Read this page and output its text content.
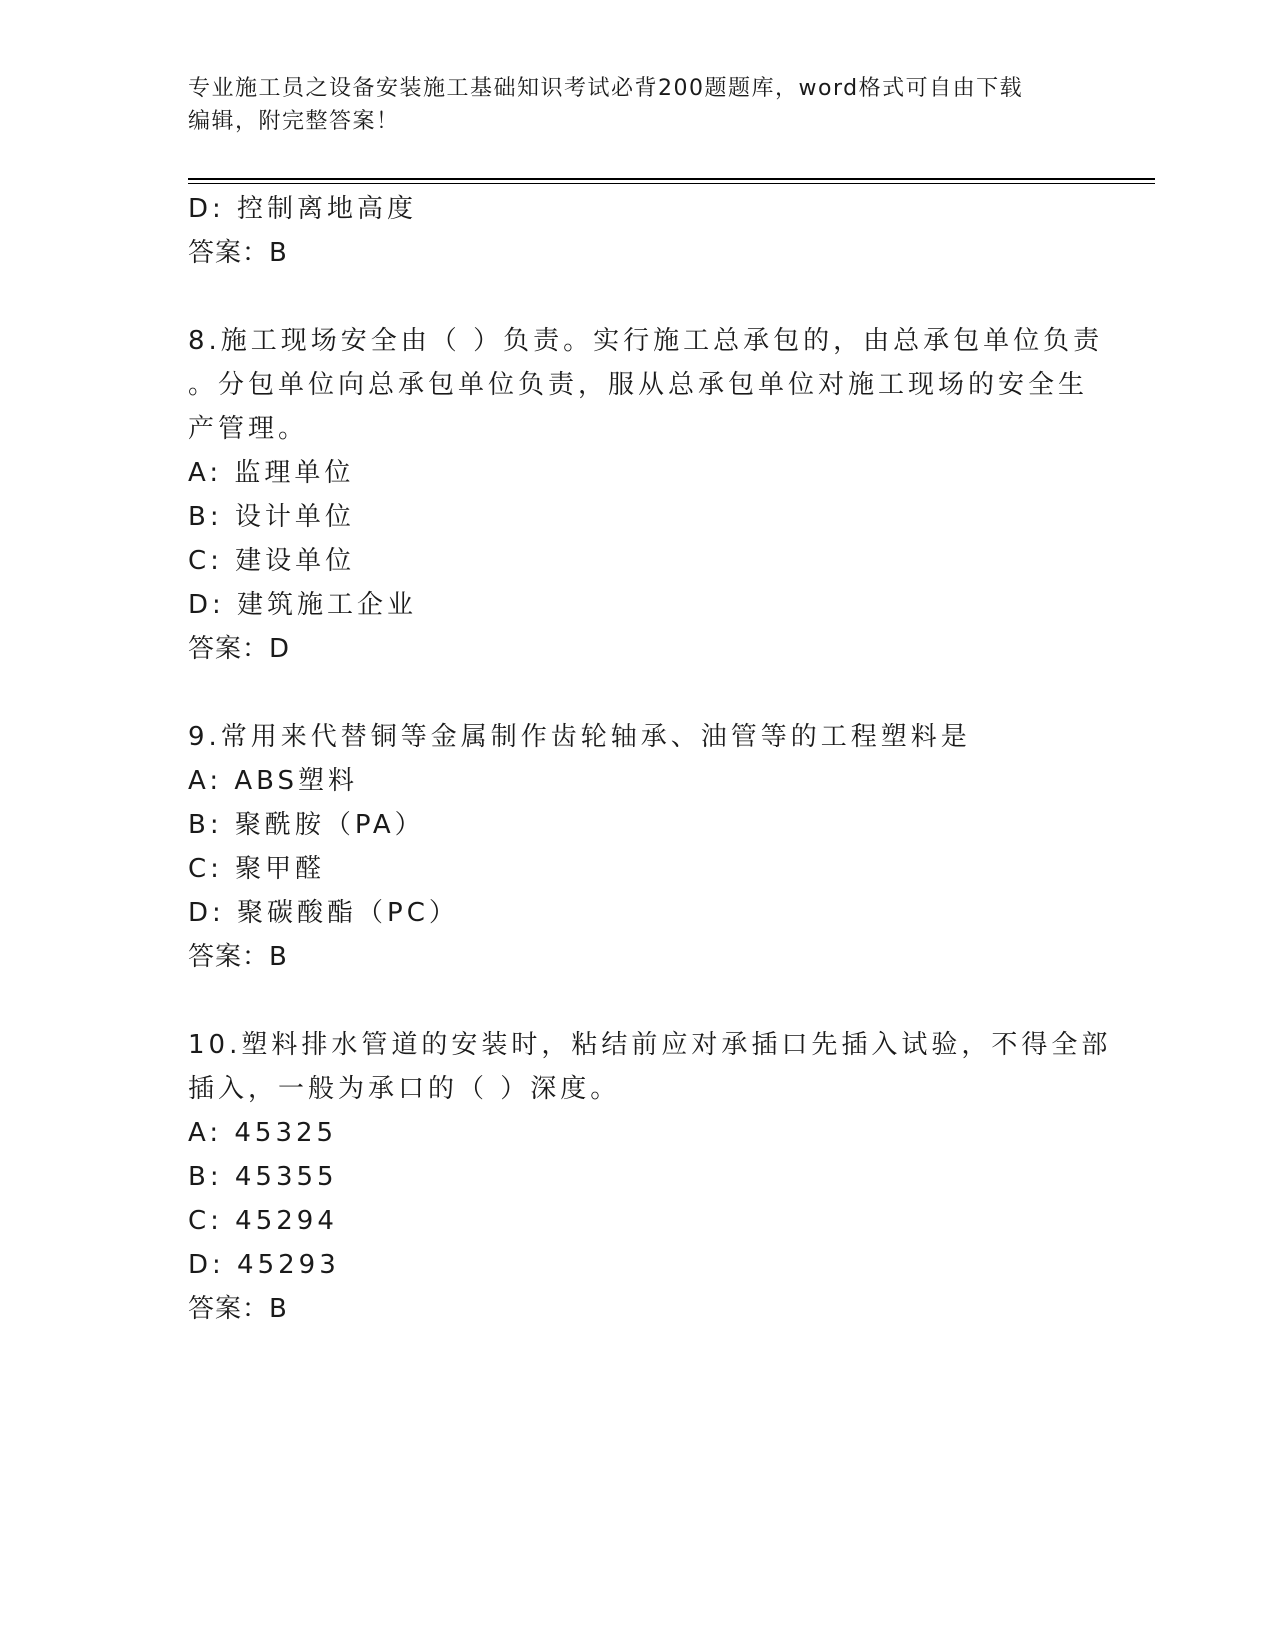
专业施工员之设备安装施工基础知识考试必背200题题库，word格式可自由下载
编辑，附完整答案！
D: 控制离地高度
答案：B
8.施工现场安全由（ ）负责。实行施工总承包的，由总承包单位负责
。分包单位向总承包单位负责，服从总承包单位对施工现场的安全生
产管理。
A: 监理单位
B: 设计单位
C: 建设单位
D: 建筑施工企业
答案：D
9.常用来代替铜等金属制作齿轮轴承、油管等的工程塑料是
A: ABS塑料
B: 聚酰胺（PA）
C: 聚甲醛
D: 聚碳酸酯（PC）
答案：B
10.塑料排水管道的安装时，粘结前应对承插口先插入试验，不得全部
插入，一般为承口的（ ）深度。
A: 45325
B: 45355
C: 45294
D: 45293
答案：B
